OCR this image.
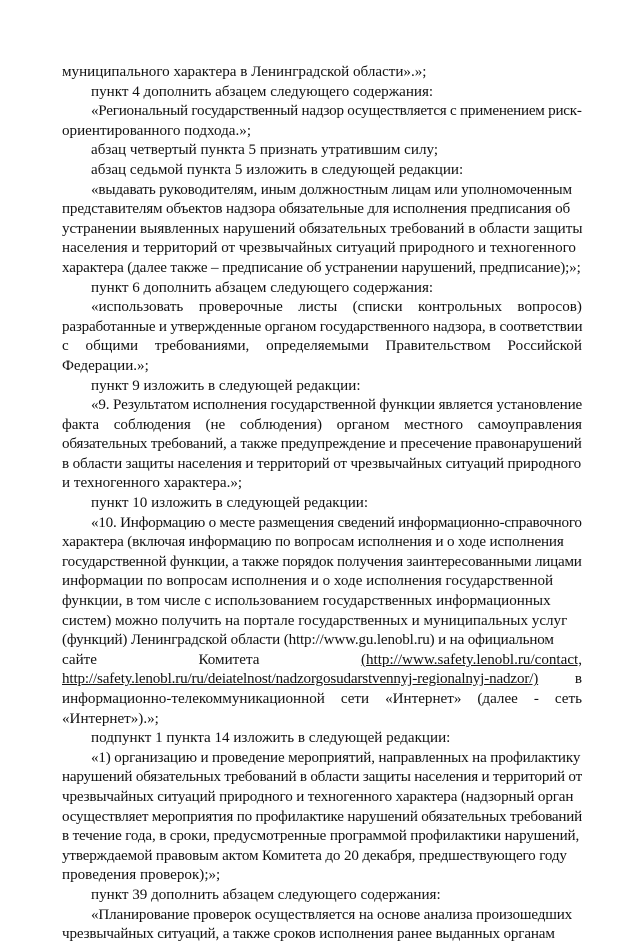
муниципального характера в Ленинградской области».»;
пункт 4 дополнить абзацем следующего содержания:
«Региональный государственный надзор осуществляется с применением риск-
ориентированного подхода.»;
абзац четвертый пункта 5 признать утратившим силу;
абзац седьмой пункта 5 изложить в следующей редакции:
«выдавать руководителям, иным должностным лицам или уполномоченным
представителям объектов надзора обязательные для исполнения предписания об
устранении выявленных нарушений обязательных требований в области защиты
населения и территорий от чрезвычайных ситуаций природного и техногенного
характера (далее также – предписание об устранении нарушений, предписание);»;
пункт 6 дополнить абзацем следующего содержания:
«использовать проверочные листы (списки контрольных вопросов)
разработанные и утвержденные органом государственного надзора, в соответствии
с общими требованиями, определяемыми Правительством Российской
Федерации.»;
пункт 9 изложить в следующей редакции:
«9. Результатом исполнения государственной функции является установление
факта соблюдения (не соблюдения) органом местного самоуправления
обязательных требований, а также предупреждение и пресечение правонарушений
в области защиты населения и территорий от чрезвычайных ситуаций природного
и техногенного характера.»;
пункт 10 изложить в следующей редакции:
«10. Информацию о месте размещения сведений информационно-справочного
характера (включая информацию по вопросам исполнения и о ходе исполнения
государственной функции, а также порядок получения заинтересованными лицами
информации по вопросам исполнения и о ходе исполнения государственной
функции, в том числе с использованием государственных информационных
систем) можно получить на портале государственных и муниципальных услуг
(функций) Ленинградской области (http://www.gu.lenobl.ru) и на официальном
сайте	Комитета	(http://www.safety.lenobl.ru/contact,
http://safety.lenobl.ru/ru/deiatelnost/nadzorgosudarstvennyj-regionalnyj-nadzor/) в
информационно-телекоммуникационной сети «Интернет» (далее - сеть
«Интернет»).»;
подпункт 1 пункта 14 изложить в следующей редакции:
«1) организацию и проведение мероприятий, направленных на профилактику
нарушений обязательных требований в области защиты населения и территорий от
чрезвычайных ситуаций природного и техногенного характера (надзорный орган
осуществляет мероприятия по профилактике нарушений обязательных требований
в течение года, в сроки, предусмотренные программой профилактики нарушений,
утверждаемой правовым актом Комитета до 20 декабря, предшествующего году
проведения проверок);»;
пункт 39 дополнить абзацем следующего содержания:
«Планирование проверок осуществляется на основе анализа произошедших
чрезвычайных ситуаций, а также сроков исполнения ранее выданных органам
